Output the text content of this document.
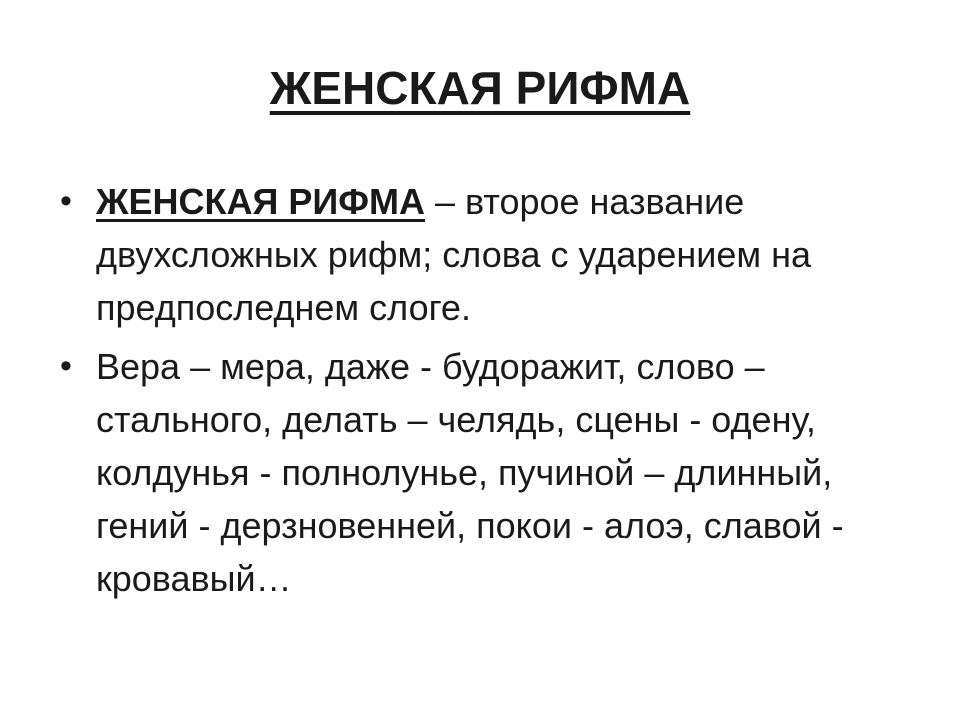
ЖЕНСКАЯ РИФМА
• ЖЕНСКАЯ РИФМА – второе название двухсложных рифм; слова с ударением на предпоследнем слоге.
• Вера – мера, даже - будоражит, слово – стального, делать – челядь, сцены - одену, колдунья - полнолунье, пучиной – длинный, гений - дерзновенней, покои - алоэ, славой - кровавый…
